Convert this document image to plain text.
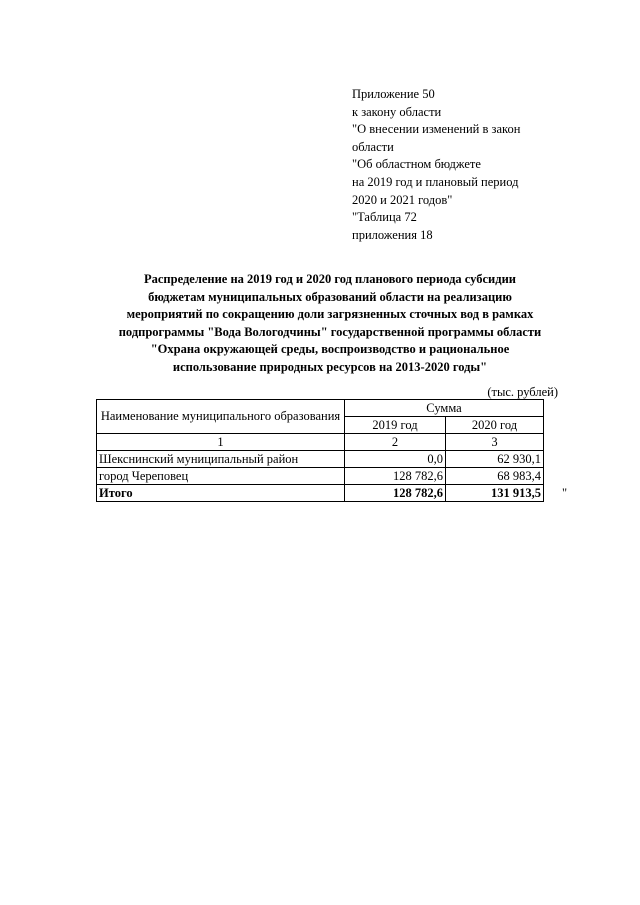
Приложение 50
к закону области
"О внесении изменений в закон
области
"Об областном бюджете
на 2019 год и плановый период
2020 и 2021 годов"
"Таблица 72
приложения 18
Распределение на 2019 год и 2020 год планового периода субсидии
бюджетам муниципальных образований области на реализацию
мероприятий по сокращению доли загрязненных сточных вод в рамках
подпрограммы "Вода Вологодчины" государственной программы области
"Охрана окружающей среды, воспроизводство и рациональное
использование природных ресурсов на 2013-2020 годы"
(тыс. рублей)
Наименование муниципального образования	Сумма	
	2019 год	2020 год
1	2	3
Шекснинский муниципальный район	0,0	62 930,1
город Череповец	128 782,6	68 983,4
Итого	128 782,6	131 913,5 "
